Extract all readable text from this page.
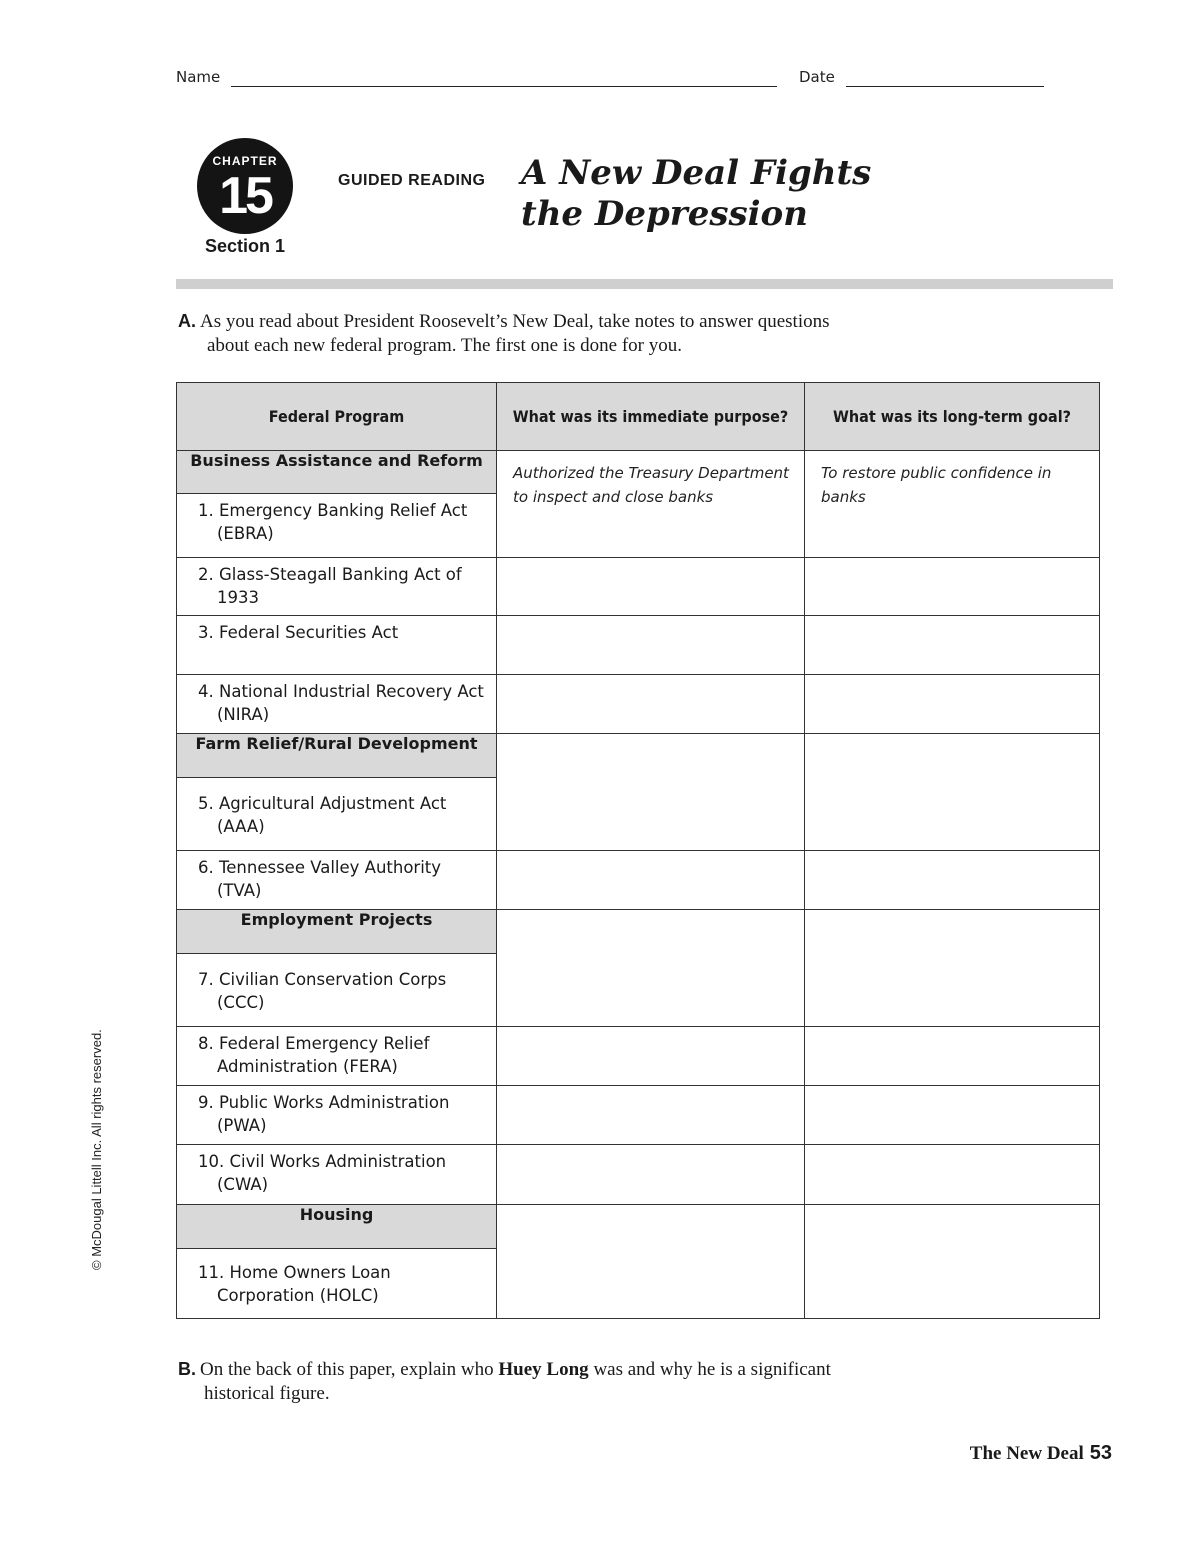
Name	Date
CHAPTER
15
Section 1
GUIDED READING A New Deal Fights
the Depression
A. As you read about President Roosevelt’s New Deal, take notes to answer questions
about each new federal program. The first one is done for you.
Federal Program	What was its immediate purpose?	What was its long-term goal?
Business Assistance and Reform	Authorized the Treasury Department to inspect and close banks	To restore public confidence in banks

1. Emergency Banking Relief Act (EBRA)		

2. Glass-Steagall Banking Act of 1933		

3. Federal Securities Act		

4. National Industrial Recovery Act (NIRA)		

Farm Relief/Rural Development		

5. Agricultural Adjustment Act (AAA)		

6. Tennessee Valley Authority (TVA)		

Employment Projects		

7. Civilian Conservation Corps (CCC)		

8. Federal Emergency Relief Administration (FERA)		

9. Public Works Administration (PWA)		

10. Civil Works Administration (CWA)		

Housing		

11. Home Owners Loan Corporation (HOLC)		
B. On the back of this paper, explain who Huey Long was and why he is a significant
historical figure.
© McDougal Littell Inc. All rights reserved.
The New Deal 53
